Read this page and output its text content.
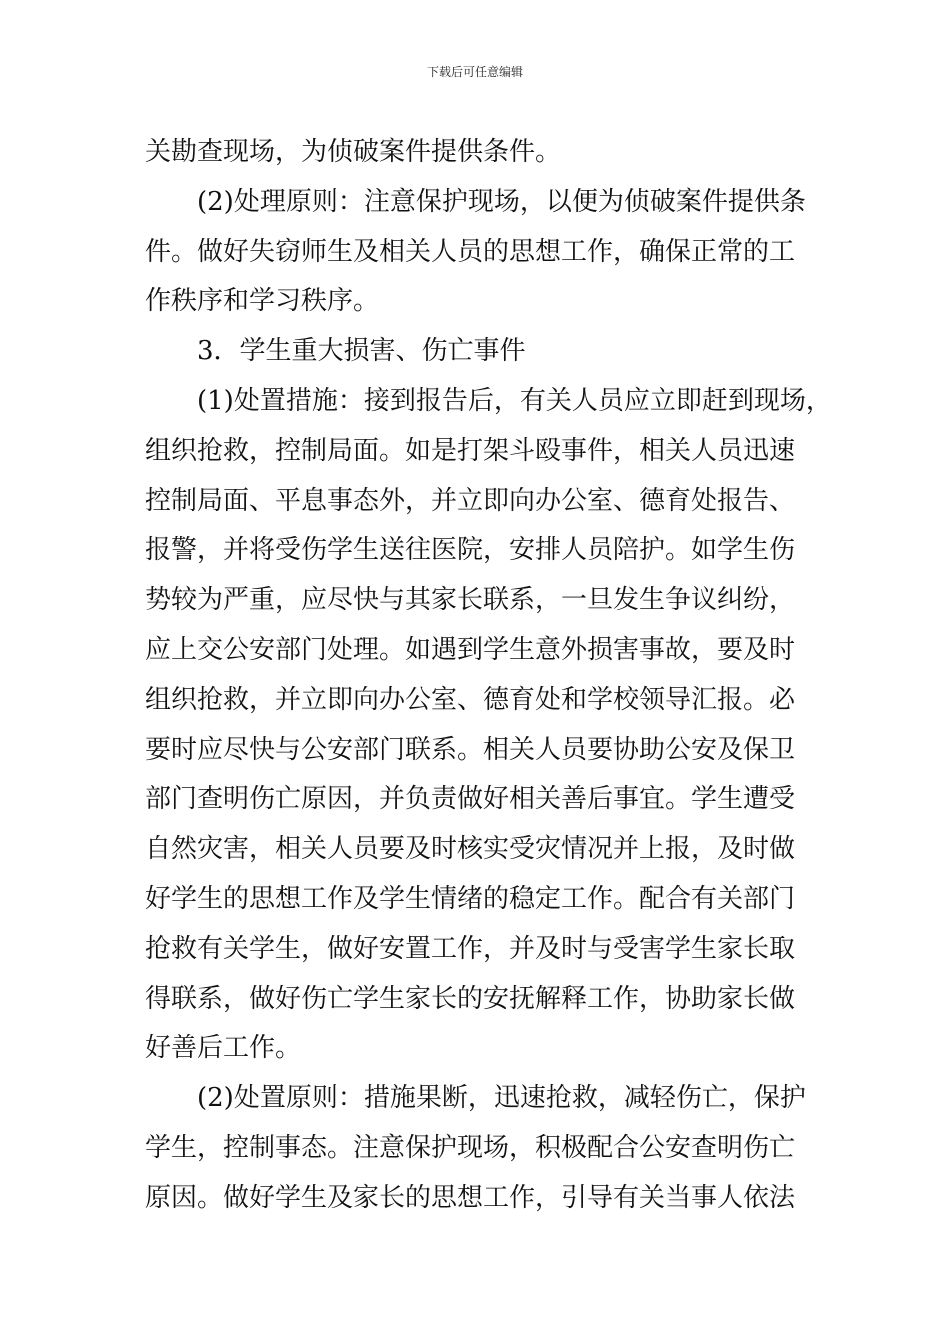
下载后可任意编辑
关勘查现场，为侦破案件提供条件。
(2)处理原则：注意保护现场，以便为侦破案件提供条
件。做好失窃师生及相关人员的思想工作，确保正常的工
作秩序和学习秩序。
3．学生重大损害、伤亡事件
(1)处置措施：接到报告后，有关人员应立即赶到现场，
组织抢救，控制局面。如是打架斗殴事件，相关人员迅速
控制局面、平息事态外，并立即向办公室、德育处报告、
报警，并将受伤学生送往医院，安排人员陪护。如学生伤
势较为严重，应尽快与其家长联系，一旦发生争议纠纷，
应上交公安部门处理。如遇到学生意外损害事故，要及时
组织抢救，并立即向办公室、德育处和学校领导汇报。必
要时应尽快与公安部门联系。相关人员要协助公安及保卫
部门查明伤亡原因，并负责做好相关善后事宜。学生遭受
自然灾害，相关人员要及时核实受灾情况并上报，及时做
好学生的思想工作及学生情绪的稳定工作。配合有关部门
抢救有关学生，做好安置工作，并及时与受害学生家长取
得联系，做好伤亡学生家长的安抚解释工作，协助家长做
好善后工作。
(2)处置原则：措施果断，迅速抢救，减轻伤亡，保护
学生，控制事态。注意保护现场，积极配合公安查明伤亡
原因。做好学生及家长的思想工作，引导有关当事人依法
